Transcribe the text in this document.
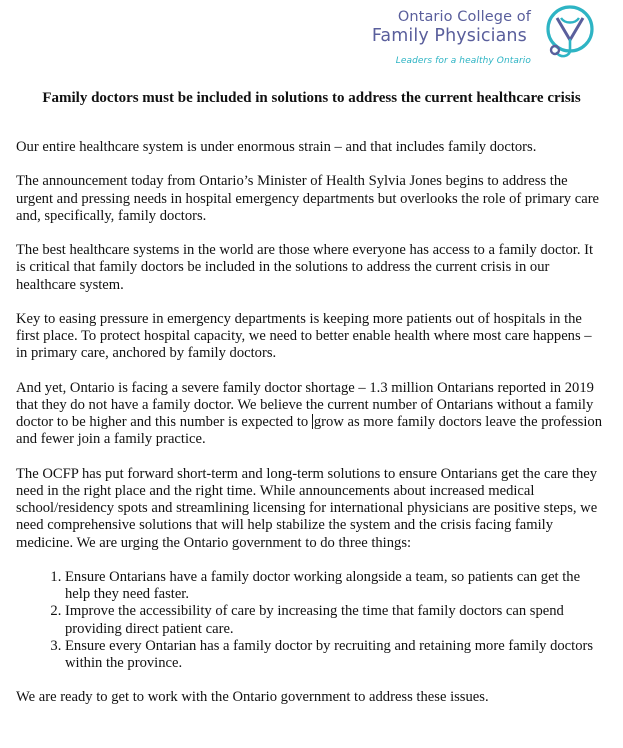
Ontario College of
Family Physicians
Leaders for a healthy Ontario
Family doctors must be included in solutions to address the current healthcare crisis

Our entire healthcare system is under enormous strain – and that includes family doctors.

The announcement today from Ontario’s Minister of Health Sylvia Jones begins to address the urgent and pressing needs in hospital emergency departments but overlooks the role of primary care and, specifically, family doctors.

The best healthcare systems in the world are those where everyone has access to a family doctor. It is critical that family doctors be included in the solutions to address the current crisis in our healthcare system.

Key to easing pressure in emergency departments is keeping more patients out of hospitals in the first place. To protect hospital capacity, we need to better enable health where most care happens – in primary care, anchored by family doctors.

And yet, Ontario is facing a severe family doctor shortage – 1.3 million Ontarians reported in 2019 that they do not have a family doctor. We believe the current number of Ontarians without a family doctor to be higher and this number is expected to grow as more family doctors leave the profession and fewer join a family practice.

The OCFP has put forward short-term and long-term solutions to ensure Ontarians get the care they need in the right place and the right time. While announcements about increased medical school/residency spots and streamlining licensing for international physicians are positive steps, we need comprehensive solutions that will help stabilize the system and the crisis facing family medicine. We are urging the Ontario government to do three things:

1. Ensure Ontarians have a family doctor working alongside a team, so patients can get the help they need faster.
2. Improve the accessibility of care by increasing the time that family doctors can spend providing direct patient care.
3. Ensure every Ontarian has a family doctor by recruiting and retaining more family doctors within the province.

We are ready to get to work with the Ontario government to address these issues.
